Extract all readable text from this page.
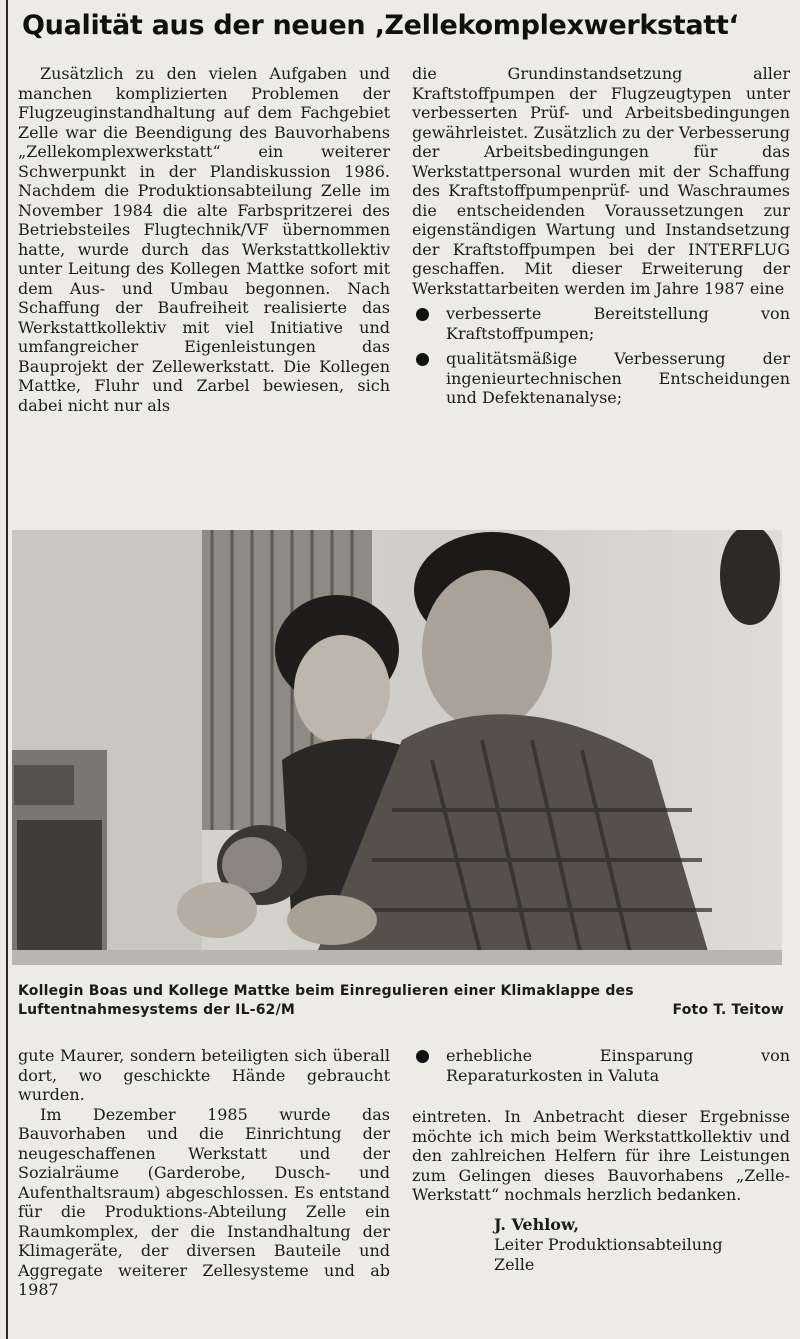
Qualität aus der neuen ‚Zellekomplexwerkstatt‘

Zusätzlich zu den vielen Aufgaben und manchen komplizierten Problemen der Flugzeuginstandhaltung auf dem Fachgebiet Zelle war die Beendigung des Bauvorhabens „Zellekomplexwerkstatt“ ein weiterer Schwerpunkt in der Plandiskussion 1986. Nachdem die Produktionsabteilung Zelle im November 1984 die alte Farbspritzerei des Betriebsteiles Flugtechnik/VF übernommen hatte, wurde durch das Werkstattkollektiv unter Leitung des Kollegen Mattke sofort mit dem Aus- und Umbau begonnen. Nach Schaffung der Baufreiheit realisierte das Werkstattkollektiv mit viel Initiative und umfangreicher Eigenleistungen das Bauprojekt der Zellewerkstatt. Die Kollegen Mattke, Fluhr und Zarbel bewiesen, sich dabei nicht nur als

die Grundinstandsetzung aller Kraftstoffpumpen der Flugzeugtypen unter verbesserten Prüf- und Arbeitsbedingungen gewährleistet. Zusätzlich zu der Verbesserung der Arbeitsbedingungen für das Werkstattpersonal wurden mit der Schaffung des Kraftstoffpumpenprüf- und Waschraumes die entscheidenden Voraussetzungen zur eigenständigen Wartung und Instandsetzung der Kraftstoffpumpen bei der INTERFLUG geschaffen. Mit dieser Erweiterung der Werkstattarbeiten werden im Jahre 1987 eine

verbesserte Bereitstellung von Kraftstoffpumpen;
qualitätsmäßige Verbesserung der ingenieurtechnischen Entscheidungen und Defektenanalyse;
Kollegin Boas und Kollege Mattke beim Einregulieren einer Klimaklappe des Luftentnahmesystems der IL-62/M	Foto T. Teitow

gute Maurer, sondern beteiligten sich überall dort, wo geschickte Hände gebraucht wurden.

Im Dezember 1985 wurde das Bauvorhaben und die Einrichtung der neugeschaffenen Werkstatt und der Sozialräume (Garderobe, Dusch- und Aufenthaltsraum) abgeschlossen. Es entstand für die Produktions-Abteilung Zelle ein Raumkomplex, der die Instandhaltung der Klimageräte, der diversen Bauteile und Aggregate weiterer Zellesysteme und ab 1987

erhebliche Einsparung von Reparaturkosten in Valuta

eintreten. In Anbetracht dieser Ergebnisse möchte ich mich beim Werkstattkollektiv und den zahlreichen Helfern für ihre Leistungen zum Gelingen dieses Bauvorhabens „Zelle-Werkstatt“ nochmals herzlich bedanken.

J. Vehlow,
Leiter Produktionsabteilung
Zelle
